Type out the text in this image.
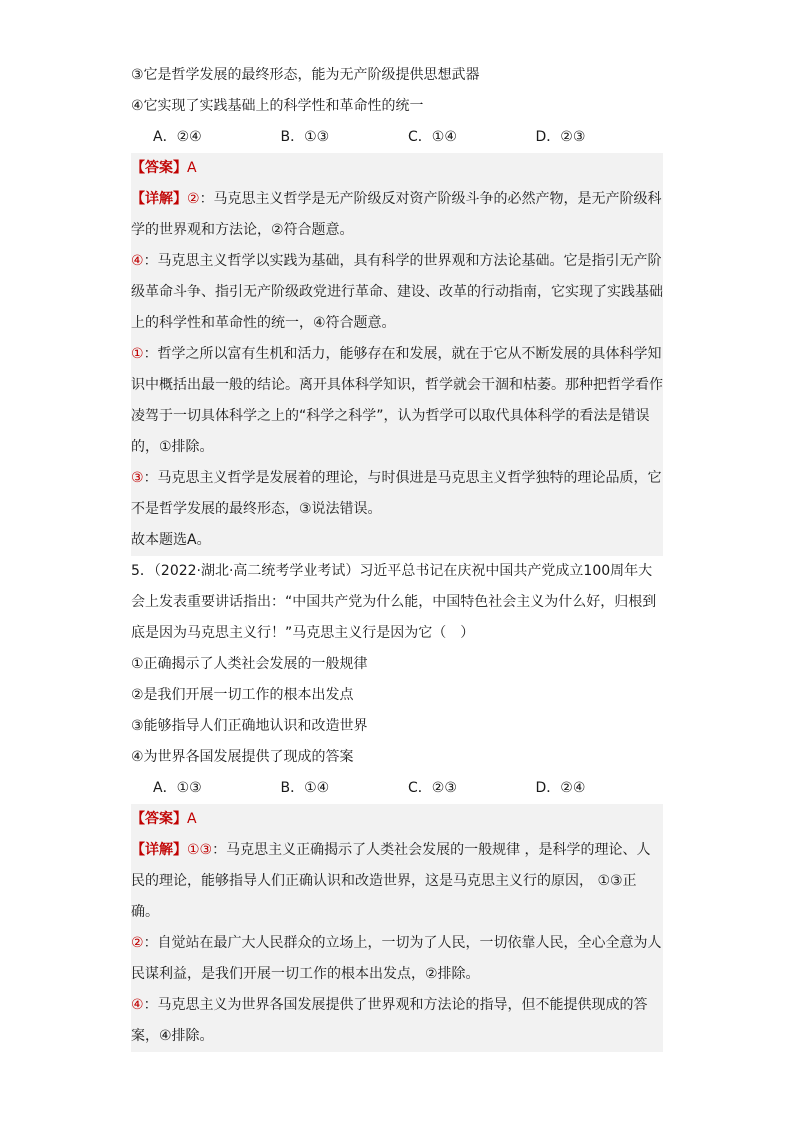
③它是哲学发展的最终形态，能为无产阶级提供思想武器
④它实现了实践基础上的科学性和革命性的统一
A．②④	B．①③	C．①④	D．②③
【答案】A
【详解】②：马克思主义哲学是无产阶级反对资产阶级斗争的必然产物，是无产阶级科学的世界观和方法论，②符合题意。
④：马克思主义哲学以实践为基础，具有科学的世界观和方法论基础。它是指引无产阶级革命斗争、指引无产阶级政党进行革命、建设、改革的行动指南，它实现了实践基础上的科学性和革命性的统一，④符合题意。
①：哲学之所以富有生机和活力，能够存在和发展，就在于它从不断发展的具体科学知识中概括出最一般的结论。离开具体科学知识，哲学就会干涸和枯萎。那种把哲学看作凌驾于一切具体科学之上的“科学之科学”，认为哲学可以取代具体科学的看法是错误的，①排除。
③：马克思主义哲学是发展着的理论，与时俱进是马克思主义哲学独特的理论品质，它不是哲学发展的最终形态，③说法错误。
故本题选A。
5．（2022·湖北·高二统考学业考试）习近平总书记在庆祝中国共产党成立100周年大会上发表重要讲话指出：“中国共产党为什么能，中国特色社会主义为什么好，归根到底是因为马克思主义行！”马克思主义行是因为它（　）
①正确揭示了人类社会发展的一般规律
②是我们开展一切工作的根本出发点
③能够指导人们正确地认识和改造世界
④为世界各国发展提供了现成的答案
A．①③	B．①④	C．②③	D．②④
【答案】A
【详解】①③：马克思主义正确揭示了人类社会发展的一般规律 ，是科学的理论、人民的理论，能够指导人们正确认识和改造世界，这是马克思主义行的原因， ①③正确。
②：自觉站在最广大人民群众的立场上，一切为了人民，一切依靠人民，全心全意为人民谋利益，是我们开展一切工作的根本出发点，②排除。
④：马克思主义为世界各国发展提供了世界观和方法论的指导，但不能提供现成的答案，④排除。
